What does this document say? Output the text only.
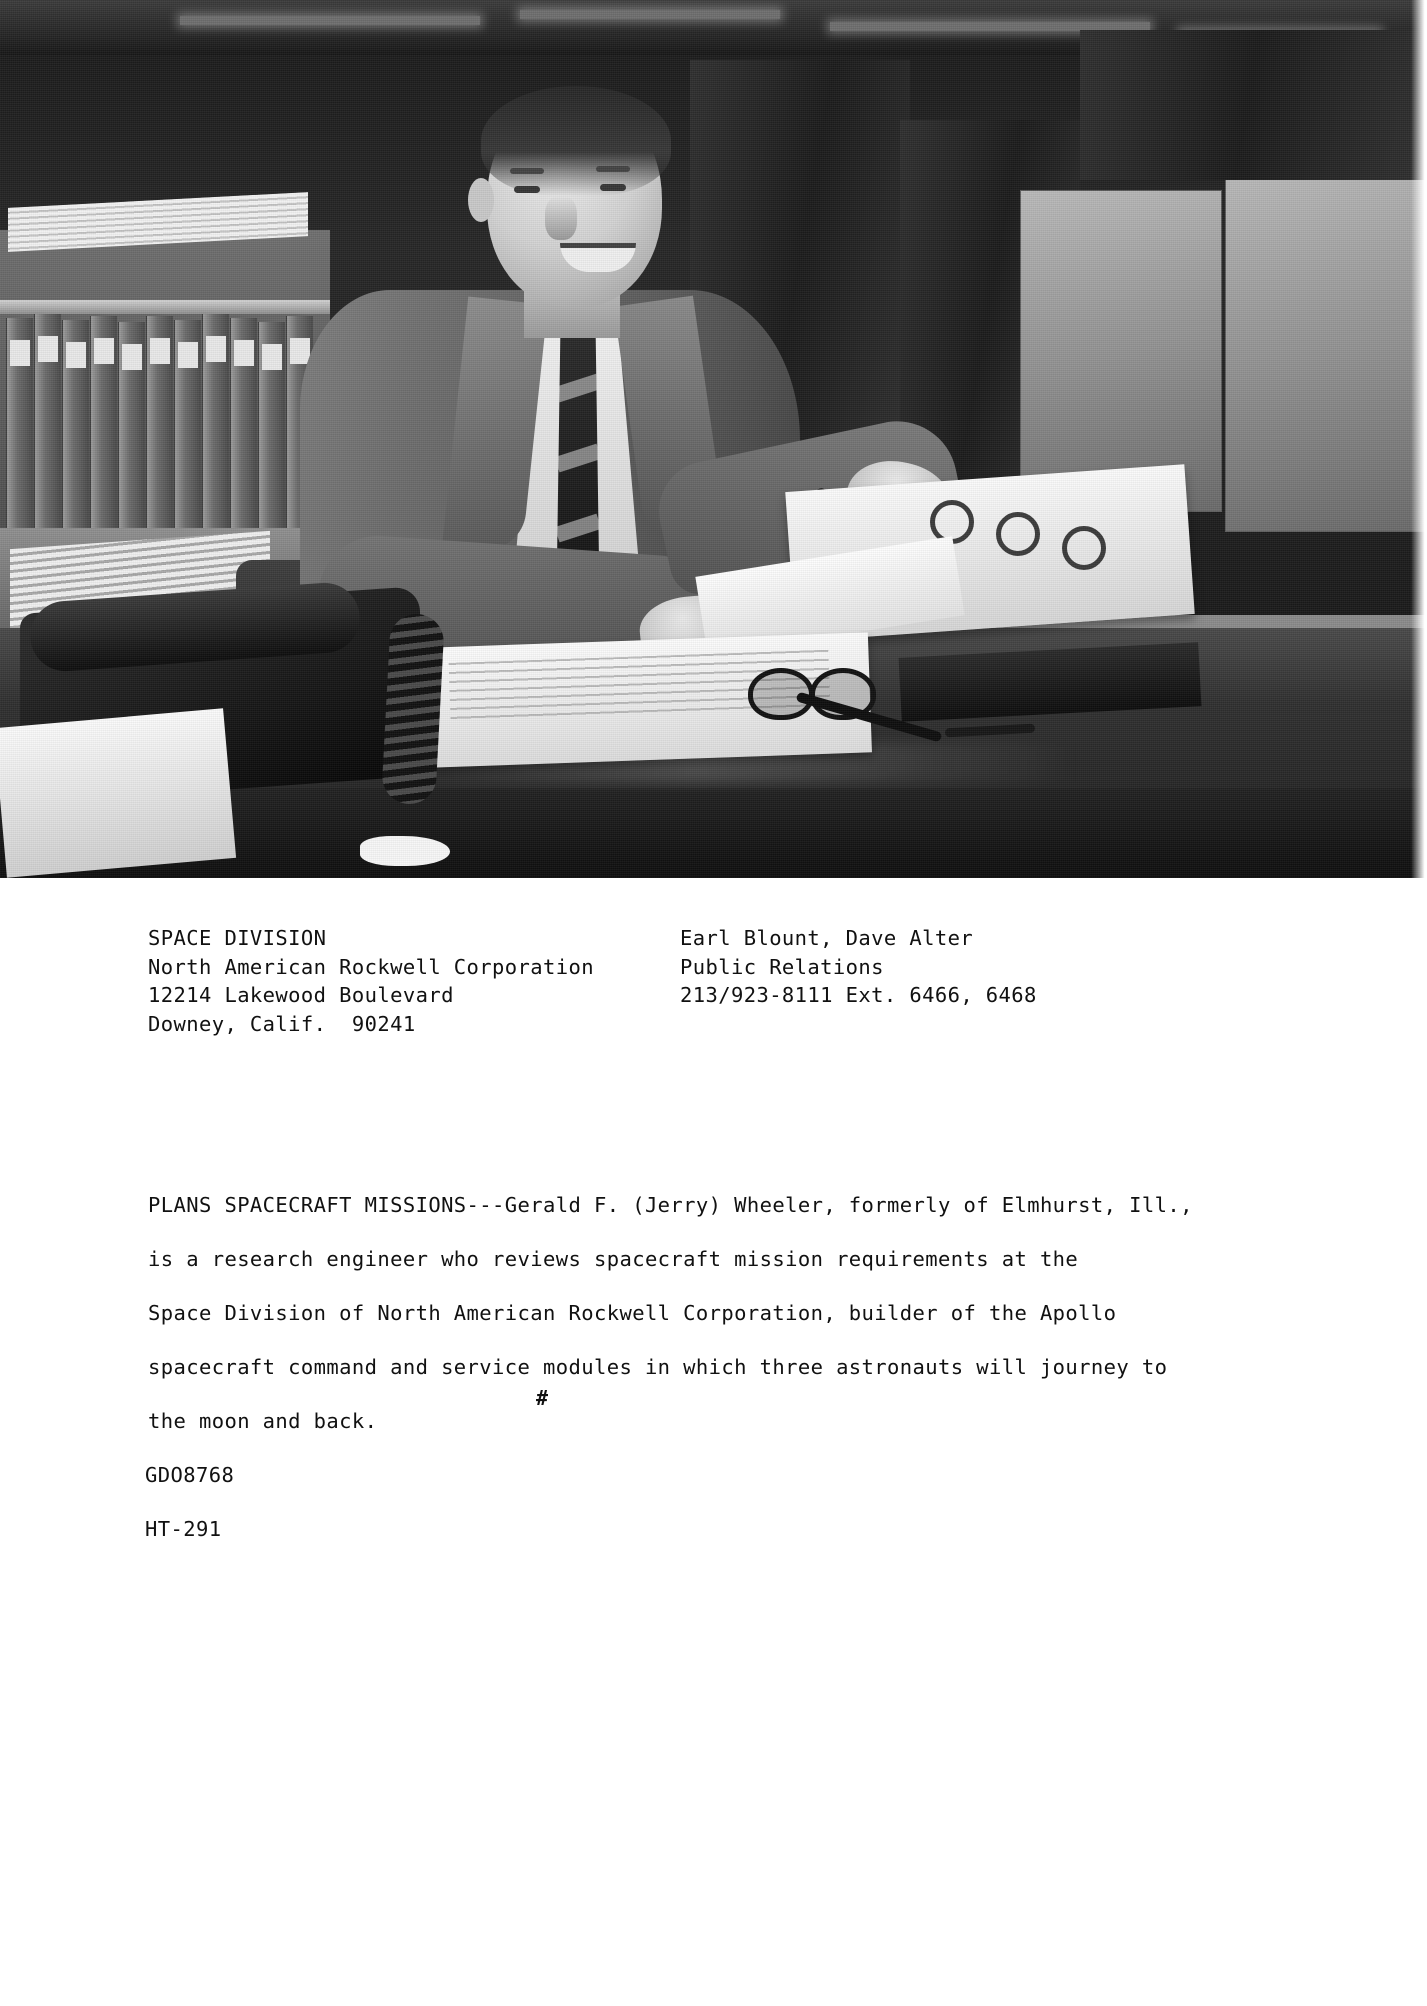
SPACE DIVISION
North American Rockwell Corporation
12214 Lakewood Boulevard
Downey, Calif.  90241
Earl Blount, Dave Alter
Public Relations
213/923-8111 Ext. 6466, 6468
PLANS SPACECRAFT MISSIONS---Gerald F. (Jerry) Wheeler, formerly of Elmhurst, Ill.,
is a research engineer who reviews spacecraft mission requirements at the
Space Division of North American Rockwell Corporation, builder of the Apollo
spacecraft command and service modules in which three astronauts will journey to
the moon and back.
#
GDO8768
HT-291
